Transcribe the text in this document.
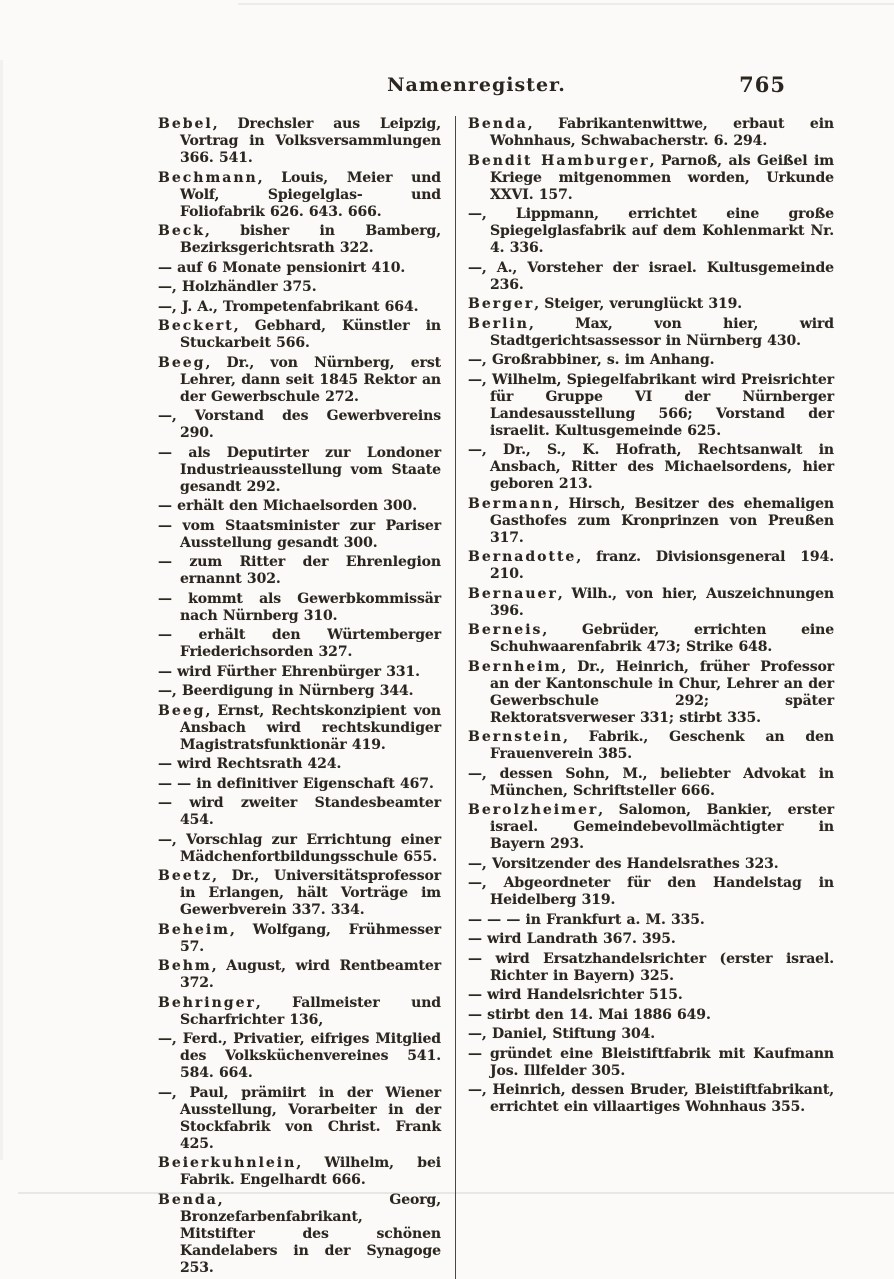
Namenregister.	765

Bebel, Drechsler aus Leipzig, Vortrag in Volksversammlungen 366. 541.

Bechmann, Louis, Meier und Wolf, Spiegelglas- und Foliofabrik 626. 643. 666.

Beck, bisher in Bamberg, Bezirksgerichtsrath 322.

— auf 6 Monate pensionirt 410.

—, Holzhändler 375.

—, J. A., Trompetenfabrikant 664.

Beckert, Gebhard, Künstler in Stuckarbeit 566.

Beeg, Dr., von Nürnberg, erst Lehrer, dann seit 1845 Rektor an der Gewerbschule 272.

—, Vorstand des Gewerbvereins 290.

— als Deputirter zur Londoner Industrieausstellung vom Staate gesandt 292.

— erhält den Michaelsorden 300.

— vom Staatsminister zur Pariser Ausstellung gesandt 300.

— zum Ritter der Ehrenlegion ernannt 302.

— kommt als Gewerbkommissär nach Nürnberg 310.

— erhält den Würtemberger Friederichsorden 327.

— wird Fürther Ehrenbürger 331.

—, Beerdigung in Nürnberg 344.

Beeg, Ernst, Rechtskonzipient von Ansbach wird rechtskundiger Magistratsfunktionär 419.

— wird Rechtsrath 424.

— — in definitiver Eigenschaft 467.

— wird zweiter Standesbeamter 454.

—, Vorschlag zur Errichtung einer Mädchenfortbildungsschule 655.

Beetz, Dr., Universitätsprofessor in Erlangen, hält Vorträge im Gewerbverein 337. 334.

Beheim, Wolfgang, Frühmesser 57.

Behm, August, wird Rentbeamter 372.

Behringer, Fallmeister und Scharfrichter 136,

—, Ferd., Privatier, eifriges Mitglied des Volksküchenvereines 541. 584. 664.

—, Paul, prämiirt in der Wiener Ausstellung, Vorarbeiter in der Stockfabrik von Christ. Frank 425.

Beierkuhnlein, Wilhelm, bei Fabrik. Engelhardt 666.

Benda, Georg, Bronzefarbenfabrikant, Mitstifter des schönen Kandelabers in der Synagoge 253.

Benda, Fabrikantenwittwe, erbaut ein Wohnhaus, Schwabacherstr. 6. 294.

Bendit Hamburger, Parnoß, als Geißel im Kriege mitgenommen worden, Urkunde XXVI. 157.

—, Lippmann, errichtet eine große Spiegelglasfabrik auf dem Kohlenmarkt Nr. 4. 336.

—, A., Vorsteher der israel. Kultusgemeinde 236.

Berger, Steiger, verunglückt 319.

Berlin, Max, von hier, wird Stadtgerichtsassessor in Nürnberg 430.

—, Großrabbiner, s. im Anhang.

—, Wilhelm, Spiegelfabrikant wird Preisrichter für Gruppe VI der Nürnberger Landesausstellung 566; Vorstand der israelit. Kultusgemeinde 625.

—, Dr., S., K. Hofrath, Rechtsanwalt in Ansbach, Ritter des Michaelsordens, hier geboren 213.

Bermann, Hirsch, Besitzer des ehemaligen Gasthofes zum Kronprinzen von Preußen 317.

Bernadotte, franz. Divisionsgeneral 194. 210.

Bernauer, Wilh., von hier, Auszeichnungen 396.

Berneis, Gebrüder, errichten eine Schuhwaarenfabrik 473; Strike 648.

Bernheim, Dr., Heinrich, früher Professor an der Kantonschule in Chur, Lehrer an der Gewerbschule 292; später Rektoratsverweser 331; stirbt 335.

Bernstein, Fabrik., Geschenk an den Frauenverein 385.

—, dessen Sohn, M., beliebter Advokat in München, Schriftsteller 666.

Berolzheimer, Salomon, Bankier, erster israel. Gemeindebevollmächtigter in Bayern 293.

—, Vorsitzender des Handelsrathes 323.

—, Abgeordneter für den Handelstag in Heidelberg 319.

— — — in Frankfurt a. M. 335.

— wird Landrath 367. 395.

— wird Ersatzhandelsrichter (erster israel. Richter in Bayern) 325.

— wird Handelsrichter 515.

— stirbt den 14. Mai 1886 649.

—, Daniel, Stiftung 304.

— gründet eine Bleistiftfabrik mit Kaufmann Jos. Illfelder 305.

—, Heinrich, dessen Bruder, Bleistiftfabrikant, errichtet ein villaartiges Wohnhaus 355.
